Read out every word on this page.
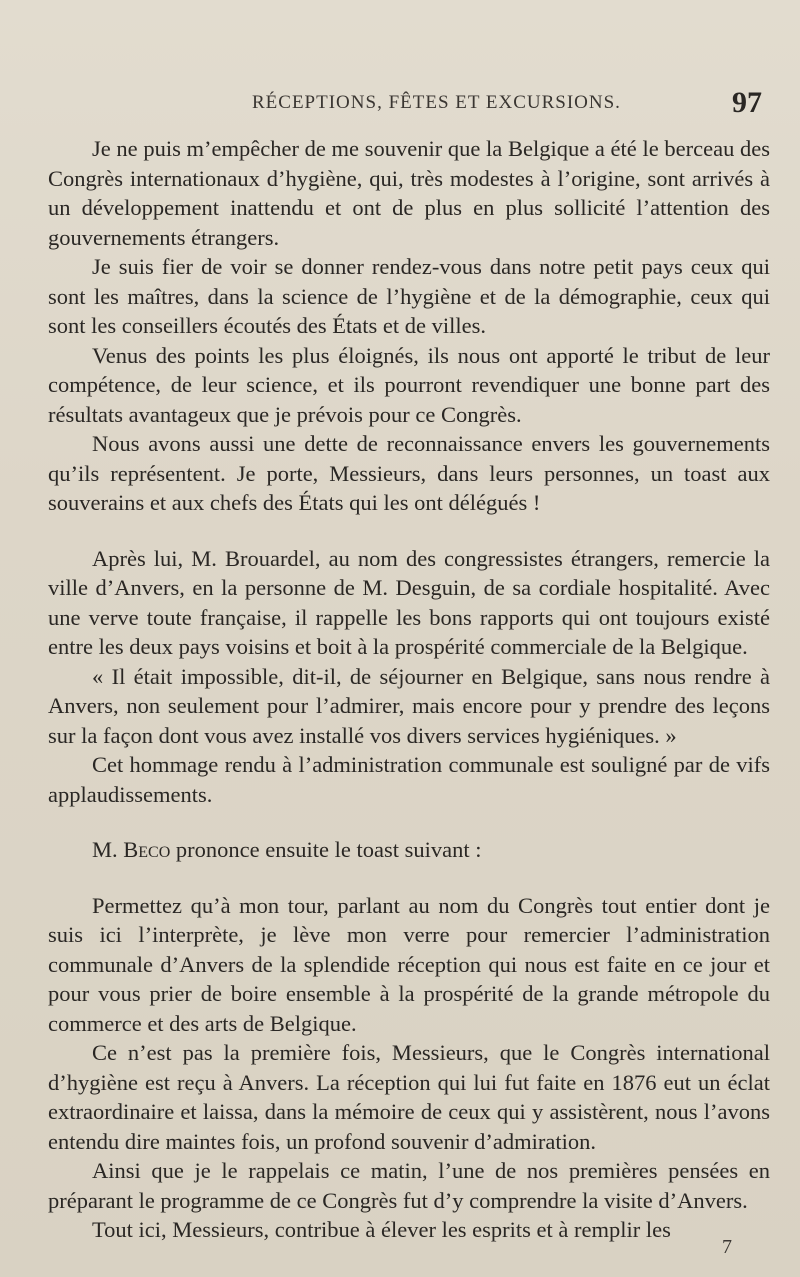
RÉCEPTIONS, FÊTES ET EXCURSIONS.	97

Je ne puis m’empêcher de me souvenir que la Belgique a été le berceau des Congrès internationaux d’hygiène, qui, très modestes à l’origine, sont arrivés à un développement inattendu et ont de plus en plus sollicité l’attention des gouvernements étrangers.

Je suis fier de voir se donner rendez-vous dans notre petit pays ceux qui sont les maîtres, dans la science de l’hygiène et de la démographie, ceux qui sont les conseillers écoutés des États et de villes.

Venus des points les plus éloignés, ils nous ont apporté le tribut de leur compétence, de leur science, et ils pourront revendiquer une bonne part des résultats avantageux que je prévois pour ce Congrès.

Nous avons aussi une dette de reconnaissance envers les gouvernements qu’ils représentent. Je porte, Messieurs, dans leurs personnes, un toast aux souverains et aux chefs des États qui les ont délégués !

Après lui, M. Brouardel, au nom des congressistes étrangers, remercie la ville d’Anvers, en la personne de M. Desguin, de sa cordiale hospitalité. Avec une verve toute française, il rappelle les bons rapports qui ont toujours existé entre les deux pays voisins et boit à la prospérité commerciale de la Belgique.

« Il était impossible, dit-il, de séjourner en Belgique, sans nous rendre à Anvers, non seulement pour l’admirer, mais encore pour y prendre des leçons sur la façon dont vous avez installé vos divers services hygiéniques. »

Cet hommage rendu à l’administration communale est souligné par de vifs applaudissements.

M. Beco prononce ensuite le toast suivant :

Permettez qu’à mon tour, parlant au nom du Congrès tout entier dont je suis ici l’interprète, je lève mon verre pour remercier l’administration communale d’Anvers de la splendide réception qui nous est faite en ce jour et pour vous prier de boire ensemble à la prospérité de la grande métropole du commerce et des arts de Belgique.

Ce n’est pas la première fois, Messieurs, que le Congrès international d’hygiène est reçu à Anvers. La réception qui lui fut faite en 1876 eut un éclat extraordinaire et laissa, dans la mémoire de ceux qui y assistèrent, nous l’avons entendu dire maintes fois, un profond souvenir d’admiration.

Ainsi que je le rappelais ce matin, l’une de nos premières pensées en préparant le programme de ce Congrès fut d’y comprendre la visite d’Anvers.

Tout ici, Messieurs, contribue à élever les esprits et à remplir les

7
